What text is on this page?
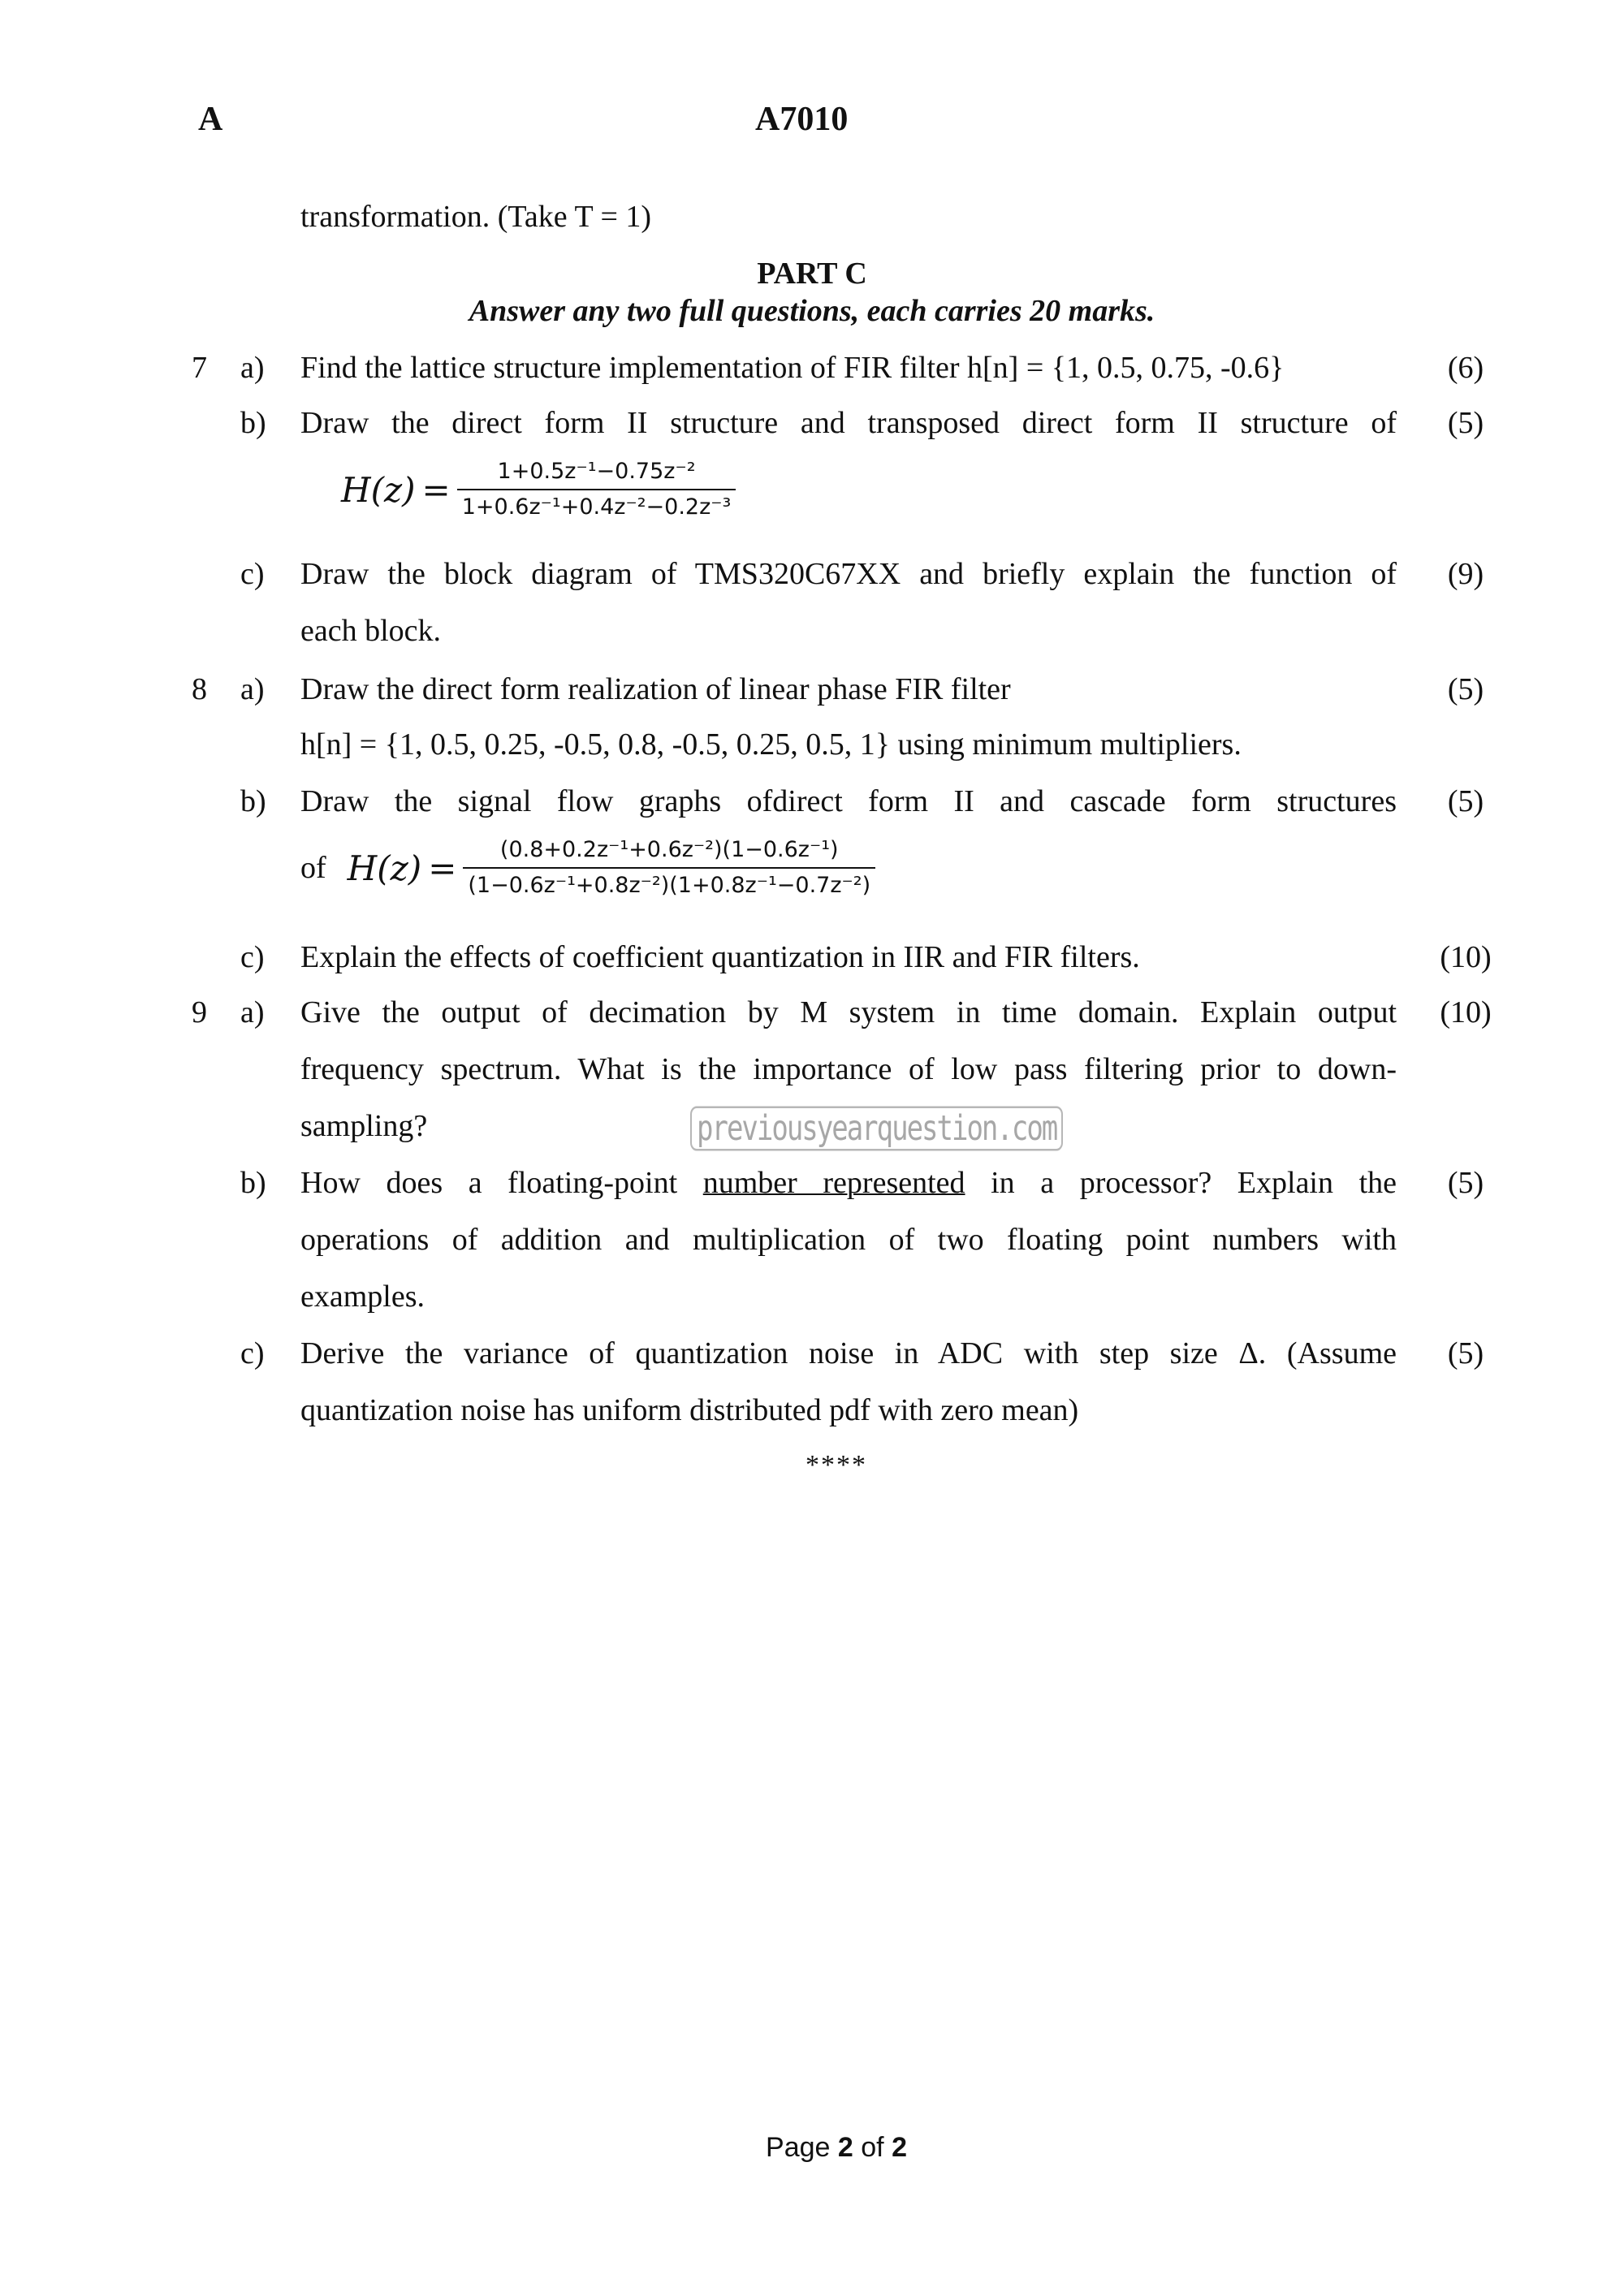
A	A7010
transformation. (Take T = 1)
PART C
Answer any two full questions, each carries 20 marks.
7	a)	Find the lattice structure implementation of FIR filter h[n] = {1, 0.5, 0.75, -0.6}	(6)
b)	Draw the direct form II structure and transposed direct form II structure of	(5)
$H(z) = \frac{\text{1+0.5z⁻¹−0.75z⁻²}}{\text{1+0.6z⁻¹+0.4z⁻²−0.2z⁻³}}$
c)	Draw the block diagram of TMS320C67XX and briefly explain the function of	(9)
each block.
8	a)	Draw the direct form realization of linear phase FIR filter	(5)
h[n] = {1, 0.5, 0.25, -0.5, 0.8, -0.5, 0.25, 0.5, 1} using minimum multipliers.
b)	Draw the signal flow graphs ofdirect form II and cascade form structures	(5)
of $H(z) = \frac{\text{(0.8+0.2z⁻¹+0.6z⁻²)(1−0.6z⁻¹)}}{\text{(1−0.6z⁻¹+0.8z⁻²)(1+0.8z⁻¹−0.7z⁻²)}}$
c)	Explain the effects of coefficient quantization in IIR and FIR filters.	(10)
9	a)	Give the output of decimation by M system in time domain. Explain output	(10)
frequency spectrum. What is the importance of low pass filtering prior to down-
sampling?	previousyearquestion.com
b)	How does a floating-point number represented in a processor? Explain the	(5)
operations of addition and multiplication of two floating point numbers with
examples.
c)	Derive the variance of quantization noise in ADC with step size Δ. (Assume	(5)
quantization noise has uniform distributed pdf with zero mean)
****
Page 2 of 2
